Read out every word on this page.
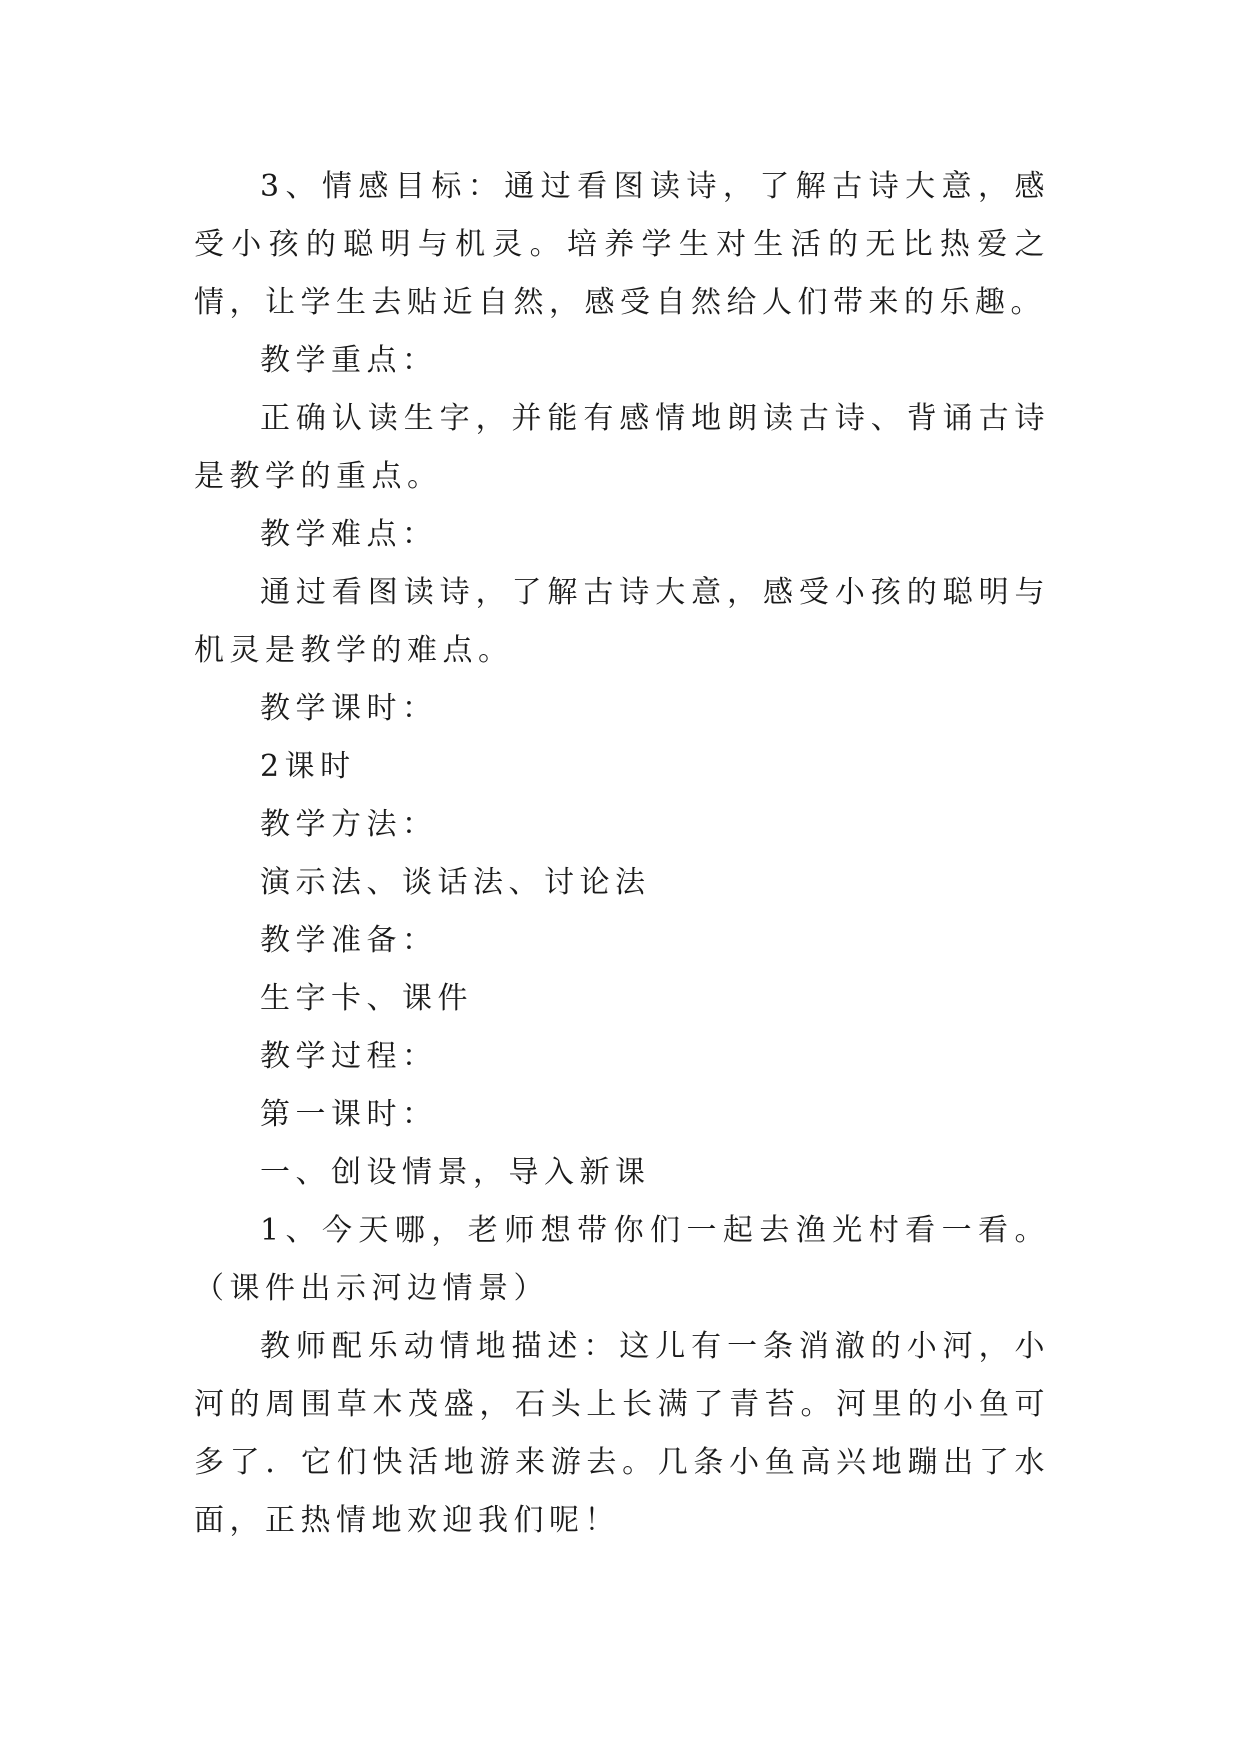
3、情感目标：通过看图读诗，了解古诗大意，感受小孩的聪明与机灵。培养学生对生活的无比热爱之情，让学生去贴近自然，感受自然给人们带来的乐趣。

教学重点：

正确认读生字，并能有感情地朗读古诗、背诵古诗是教学的重点。

教学难点：

通过看图读诗，了解古诗大意，感受小孩的聪明与机灵是教学的难点。

教学课时：

2课时

教学方法：

演示法、谈话法、讨论法

教学准备：

生字卡、课件

教学过程：

第一课时：

一、创设情景，导入新课

1、今天哪，老师想带你们一起去渔光村看一看。（课件出示河边情景）

教师配乐动情地描述：这儿有一条消澈的小河，小河的周围草木茂盛，石头上长满了青苔。河里的小鱼可多了．它们快活地游来游去。几条小鱼高兴地蹦出了水面，正热情地欢迎我们呢！
